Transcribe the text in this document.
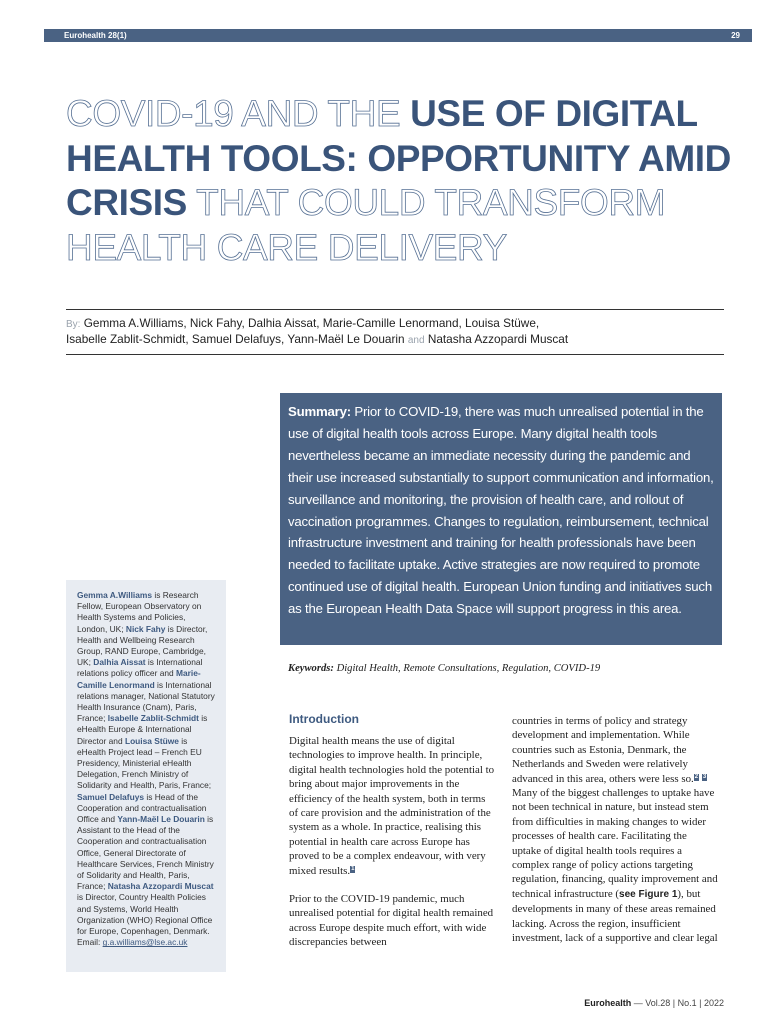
Eurohealth 28(1)	29
COVID-19 AND THE USE OF DIGITAL HEALTH TOOLS: OPPORTUNITY AMID CRISIS THAT COULD TRANSFORM HEALTH CARE DELIVERY
By: Gemma A.Williams, Nick Fahy, Dalhia Aissat, Marie-Camille Lenormand, Louisa Stüwe,
Isabelle Zablit-Schmidt, Samuel Delafuys, Yann-Maël Le Douarin and Natasha Azzopardi Muscat
Summary: Prior to COVID-19, there was much unrealised potential in the use of digital health tools across Europe. Many digital health tools nevertheless became an immediate necessity during the pandemic and their use increased substantially to support communication and information, surveillance and monitoring, the provision of health care, and rollout of vaccination programmes. Changes to regulation, reimbursement, technical infrastructure investment and training for health professionals have been needed to facilitate uptake. Active strategies are now required to promote continued use of digital health. European Union funding and initiatives such as the European Health Data Space will support progress in this area.
Keywords: Digital Health, Remote Consultations, Regulation, COVID-19
Gemma A.Williams is Research Fellow, European Observatory on Health Systems and Policies, London, UK; Nick Fahy is Director, Health and Wellbeing Research Group, RAND Europe, Cambridge, UK; Dalhia Aissat is International relations policy officer and Marie-Camille Lenormand is International relations manager, National Statutory Health Insurance (Cnam), Paris, France; Isabelle Zablit-Schmidt is eHealth Europe & International Director and Louisa Stüwe is eHealth Project lead – French EU Presidency, Ministerial eHealth Delegation, French Ministry of Solidarity and Health, Paris, France; Samuel Delafuys is Head of the Cooperation and contractualisation Office and Yann-Maël Le Douarin is Assistant to the Head of the Cooperation and contractualisation Office, General Directorate of Healthcare Services, French Ministry of Solidarity and Health, Paris, France; Natasha Azzopardi Muscat is Director, Country Health Policies and Systems, World Health Organization (WHO) Regional Office for Europe, Copenhagen, Denmark. Email: g.a.williams@lse.ac.uk
Introduction

Digital health means the use of digital technologies to improve health. In principle, digital health technologies hold the potential to bring about major improvements in the efficiency of the health system, both in terms of care provision and the administration of the system as a whole. In practice, realising this potential in health care across Europe has proved to be a complex endeavour, with very mixed results.1

Prior to the COVID-19 pandemic, much unrealised potential for digital health remained across Europe despite much effort, with wide discrepancies between

countries in terms of policy and strategy development and implementation. While countries such as Estonia, Denmark, the Netherlands and Sweden were relatively advanced in this area, others were less so.2 3 Many of the biggest challenges to uptake have not been technical in nature, but instead stem from difficulties in making changes to wider processes of health care. Facilitating the uptake of digital health tools requires a complex range of policy actions targeting regulation, financing, quality improvement and technical infrastructure (see Figure 1), but developments in many of these areas remained lacking. Across the region, insufficient investment, lack of a supportive and clear legal

Eurohealth — Vol.28 | No.1 | 2022
